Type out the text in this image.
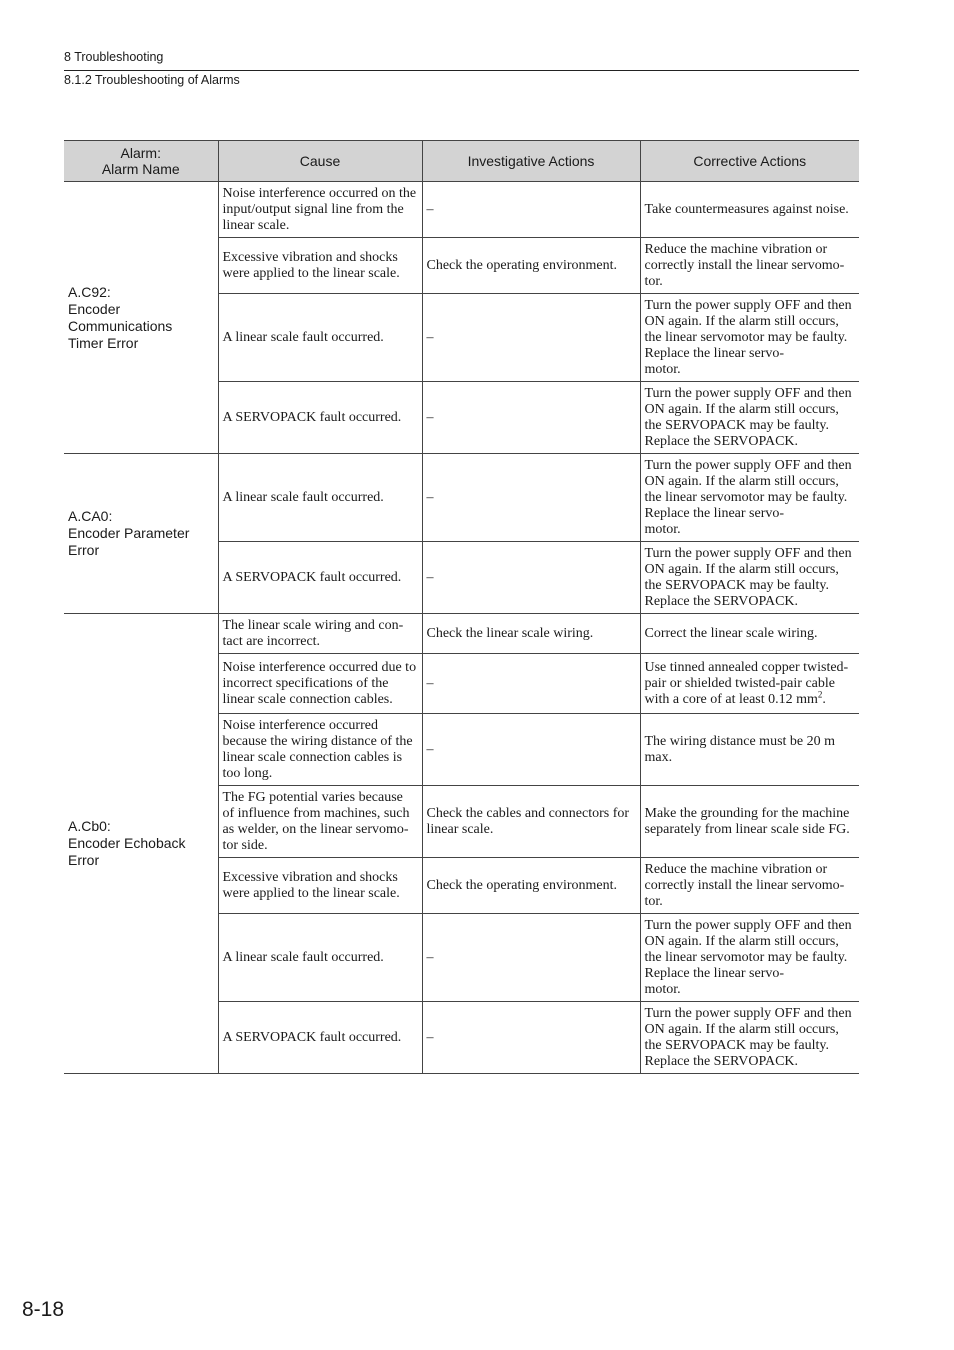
8 Troubleshooting
8.1.2 Troubleshooting of Alarms
Alarm:
Alarm Name	Cause	Investigative Actions	Corrective Actions
A.C92:
Encoder
Communications
Timer Error	Noise interference occurred on the input/output signal line from the linear scale.	–	Take countermeasures against noise.
	Excessive vibration and shocks were applied to the linear scale.	Check the operating environment.	Reduce the machine vibration or correctly install the linear servomo-
tor.
	A linear scale fault occurred.	–	Turn the power supply OFF and then ON again. If the alarm still occurs, the linear servomotor may be faulty. Replace the linear servo-
motor.
	A SERVOPACK fault occurred.	–	Turn the power supply OFF and then ON again. If the alarm still occurs, the SERVOPACK may be faulty. Replace the SERVOPACK.
A.CA0:
Encoder Parameter
Error	A linear scale fault occurred.	–	Turn the power supply OFF and then ON again. If the alarm still occurs, the linear servomotor may be faulty. Replace the linear servo-
motor.
	A SERVOPACK fault occurred.	–	Turn the power supply OFF and then ON again. If the alarm still occurs, the SERVOPACK may be faulty. Replace the SERVOPACK.
A.Cb0:
Encoder Echoback
Error	The linear scale wiring and con-
tact are incorrect.	Check the linear scale wiring.	Correct the linear scale wiring.
	Noise interference occurred due to incorrect specifications of the linear scale connection cables.	–	Use tinned annealed copper twisted-pair or shielded twisted-pair cable with a core of at least 0.12 $mm^2$.
	Noise interference occurred because the wiring distance of the linear scale connection cables is too long.	–	The wiring distance must be 20 m max.
	The FG potential varies because of influence from machines, such as welder, on the linear servomo-
tor side.	Check the cables and connectors for linear scale.	Make the grounding for the machine separately from linear scale side FG.
	Excessive vibration and shocks were applied to the linear scale.	Check the operating environment.	Reduce the machine vibration or correctly install the linear servomo-
tor.
	A linear scale fault occurred.	–	Turn the power supply OFF and then ON again. If the alarm still occurs, the linear servomotor may be faulty. Replace the linear servo-
motor.
	A SERVOPACK fault occurred.	–	Turn the power supply OFF and then ON again. If the alarm still occurs, the SERVOPACK may be faulty. Replace the SERVOPACK.
8-18
